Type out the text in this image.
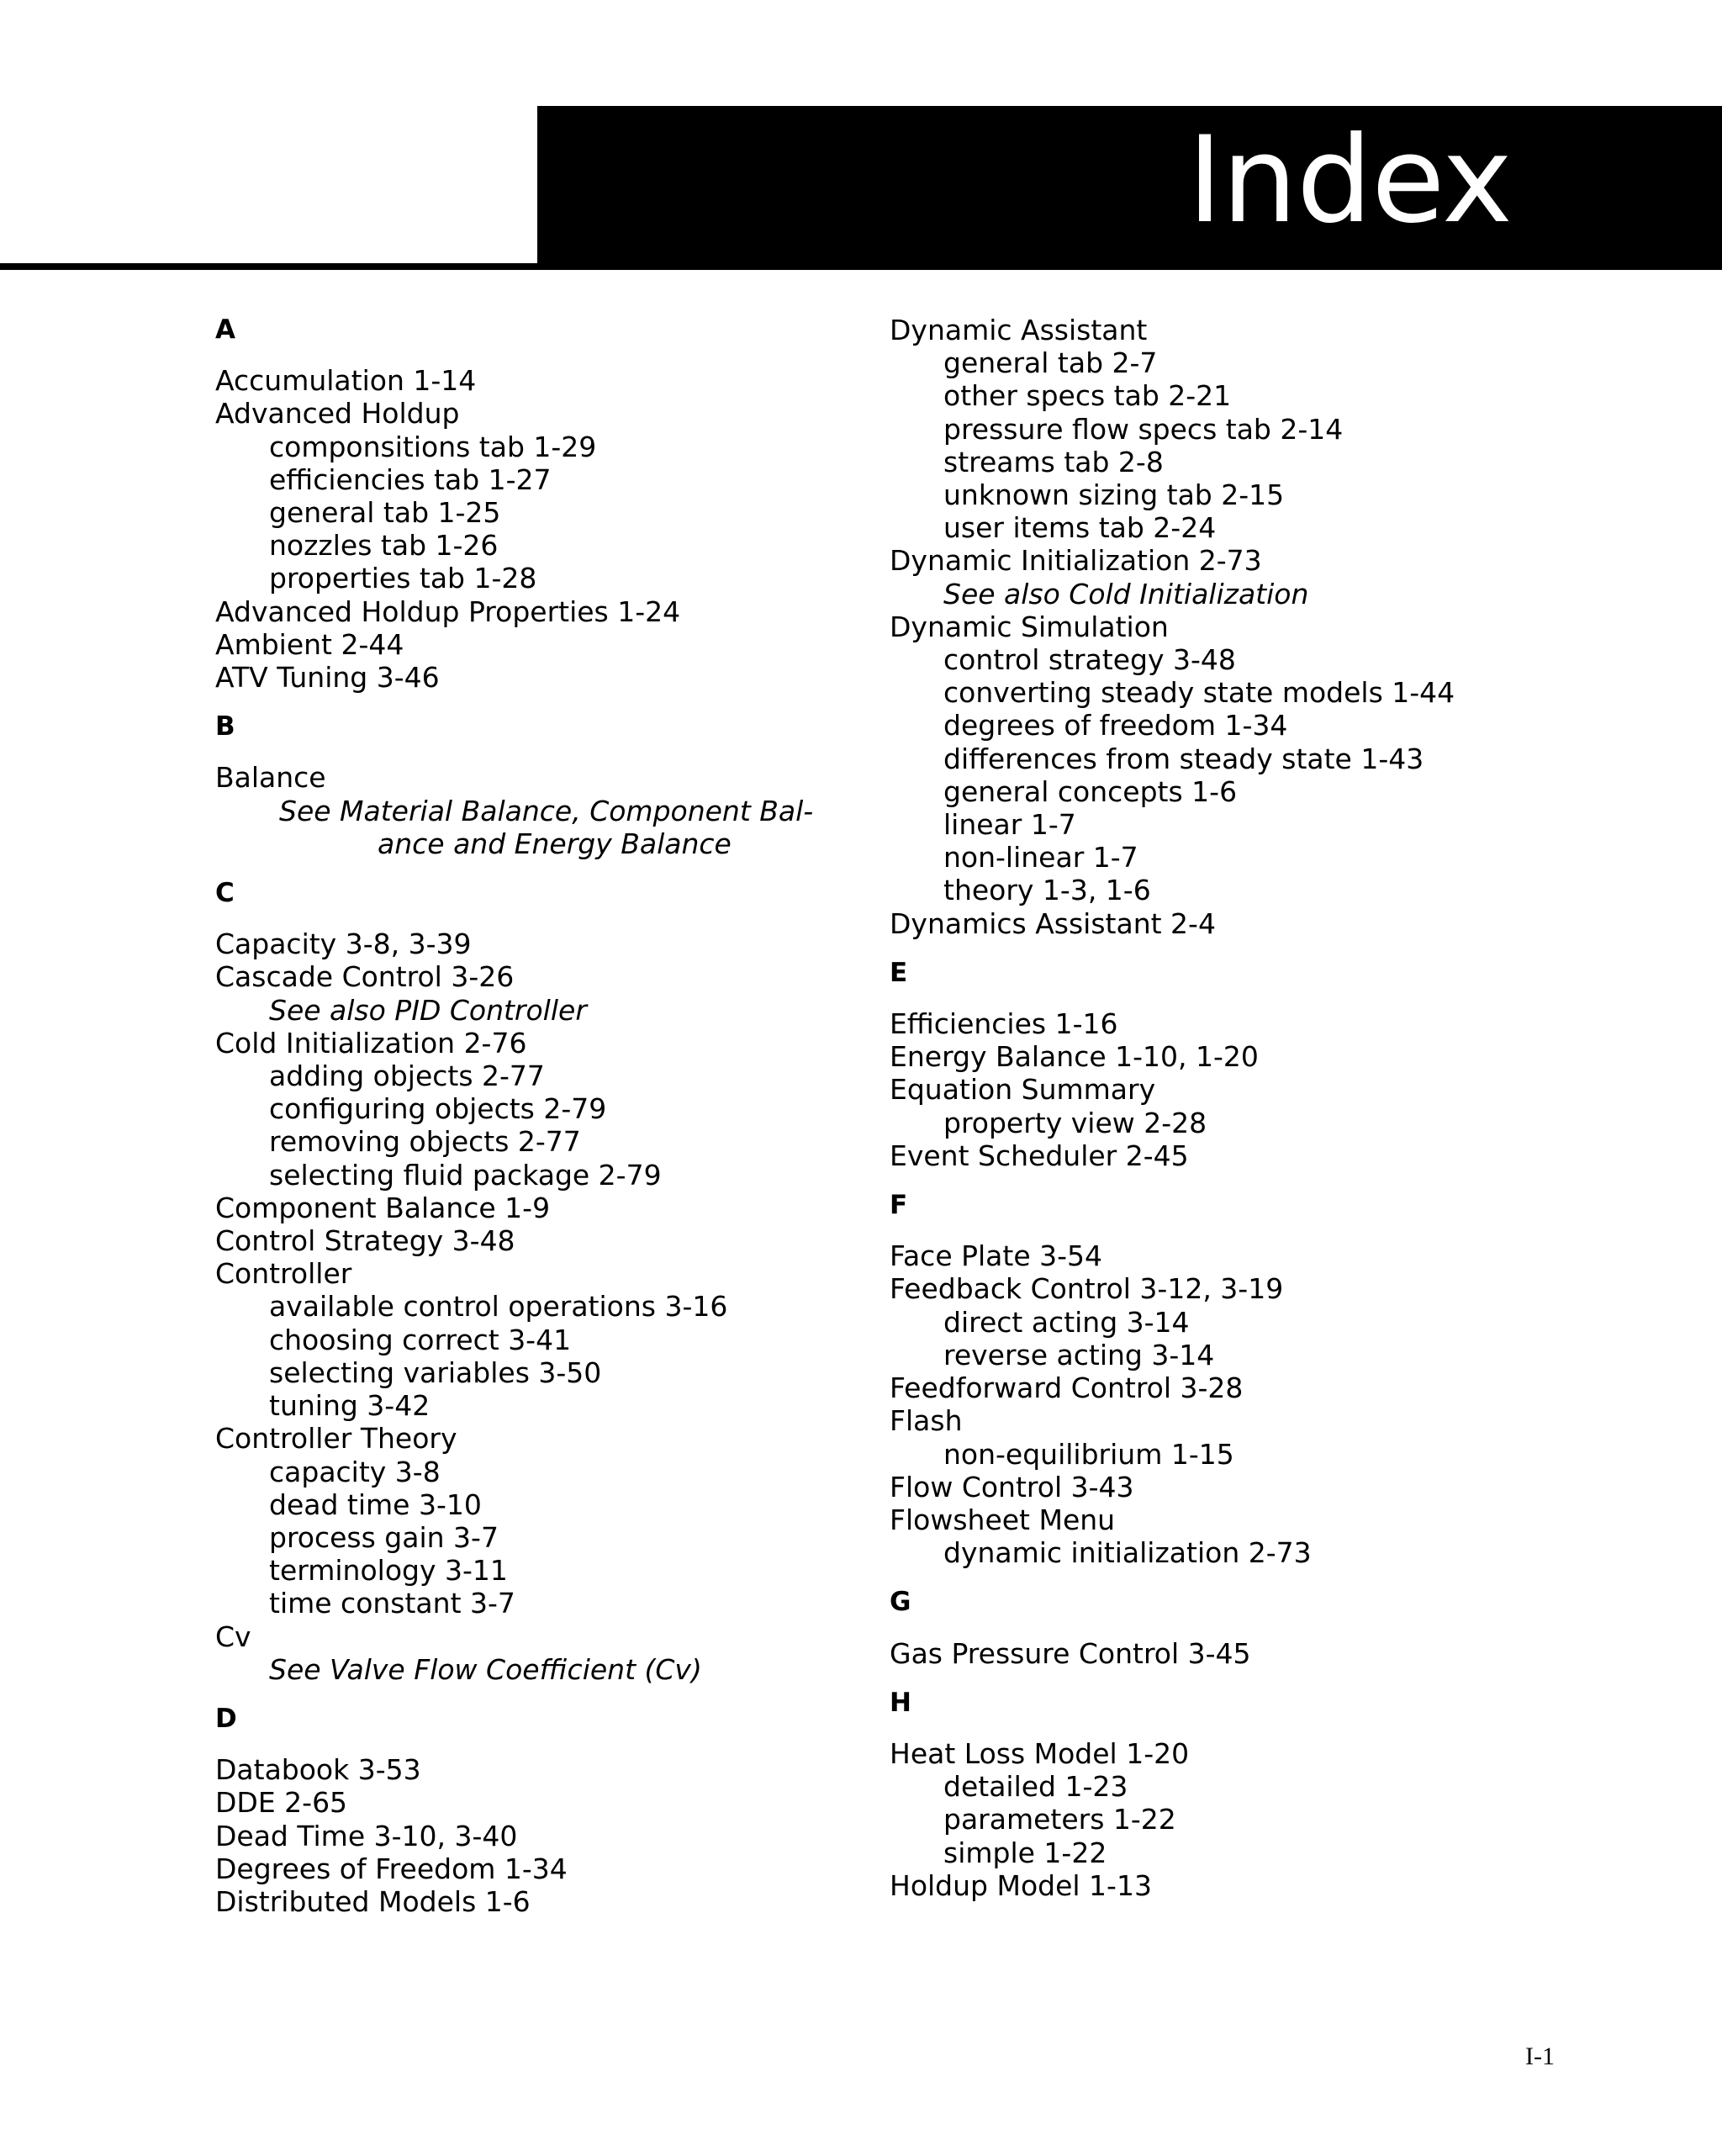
Index
A
Accumulation 1-14
Advanced Holdup
componsitions tab 1-29
efficiencies tab 1-27
general tab 1-25
nozzles tab 1-26
properties tab 1-28
Advanced Holdup Properties 1-24
Ambient 2-44
ATV Tuning 3-46
B
Balance
See Material Balance, Component Bal-
ance and Energy Balance
C
Capacity 3-8, 3-39
Cascade Control 3-26
See also PID Controller
Cold Initialization 2-76
adding objects 2-77
configuring objects 2-79
removing objects 2-77
selecting fluid package 2-79
Component Balance 1-9
Control Strategy 3-48
Controller
available control operations 3-16
choosing correct 3-41
selecting variables 3-50
tuning 3-42
Controller Theory
capacity 3-8
dead time 3-10
process gain 3-7
terminology 3-11
time constant 3-7
Cv
See Valve Flow Coefficient (Cv)
D
Databook 3-53
DDE 2-65
Dead Time 3-10, 3-40
Degrees of Freedom 1-34
Distributed Models 1-6
Dynamic Assistant
general tab 2-7
other specs tab 2-21
pressure flow specs tab 2-14
streams tab 2-8
unknown sizing tab 2-15
user items tab 2-24
Dynamic Initialization 2-73
See also Cold Initialization
Dynamic Simulation
control strategy 3-48
converting steady state models 1-44
degrees of freedom 1-34
differences from steady state 1-43
general concepts 1-6
linear 1-7
non-linear 1-7
theory 1-3, 1-6
Dynamics Assistant 2-4
E
Efficiencies 1-16
Energy Balance 1-10, 1-20
Equation Summary
property view 2-28
Event Scheduler 2-45
F
Face Plate 3-54
Feedback Control 3-12, 3-19
direct acting 3-14
reverse acting 3-14
Feedforward Control 3-28
Flash
non-equilibrium 1-15
Flow Control 3-43
Flowsheet Menu
dynamic initialization 2-73
G
Gas Pressure Control 3-45
H
Heat Loss Model 1-20
detailed 1-23
parameters 1-22
simple 1-22
Holdup Model 1-13
I-1
